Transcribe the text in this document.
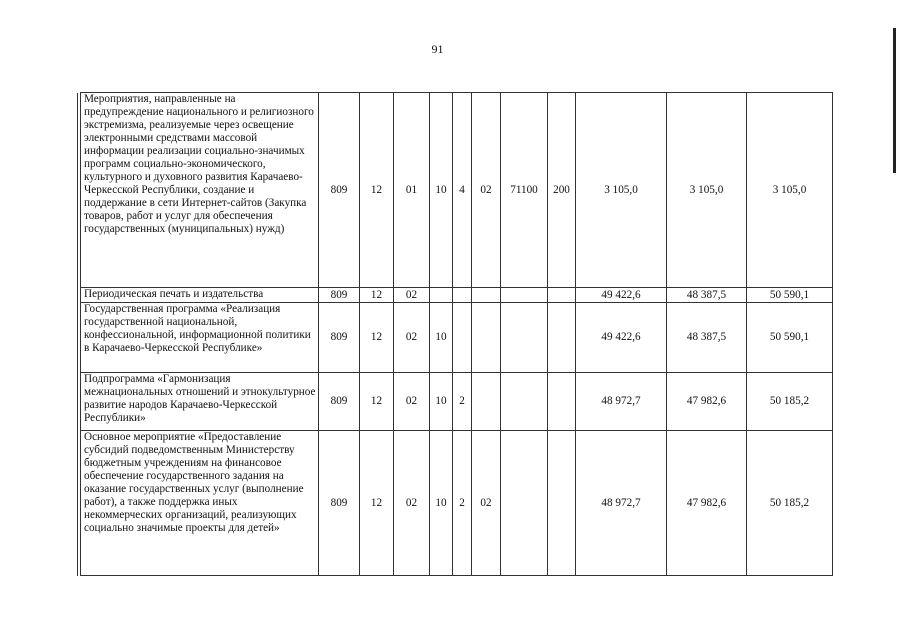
91
	Мероприятия, направленные на предупреждение национального и религиозного экстремизма, реализуемые через освещение электронными средствами массовой информации реализации социально-значимых программ социально-экономического, культурного и духовного развития Карачаево-Черкесской Республики, создание и поддержание в сети Интернет-сайтов (Закупка товаров, работ и услуг для обеспечения государственных (муниципальных) нужд)	809	12	01	10	4	02	71100	200	3 105,0	3 105,0	3 105,0
	Периодическая печать и издательства	809	12	02						49 422,6	48 387,5	50 590,1
	Государственная программа «Реализация государственной национальной, конфессиональной, информационной политики в Карачаево-Черкесской Республике»	809	12	02	10					49 422,6	48 387,5	50 590,1
	Подпрограмма «Гармонизация межнациональных отношений и этнокультурное развитие народов Карачаево-Черкесской Республики»	809	12	02	10	2				48 972,7	47 982,6	50 185,2
	Основное мероприятие «Предоставление субсидий подведомственным Министерству бюджетным учреждениям на финансовое обеспечение государственного задания на оказание государственных услуг (выполнение работ), а также поддержка иных некоммерческих организаций, реализующих социально значимые проекты для детей»	809	12	02	10	2	02			48 972,7	47 982,6	50 185,2
